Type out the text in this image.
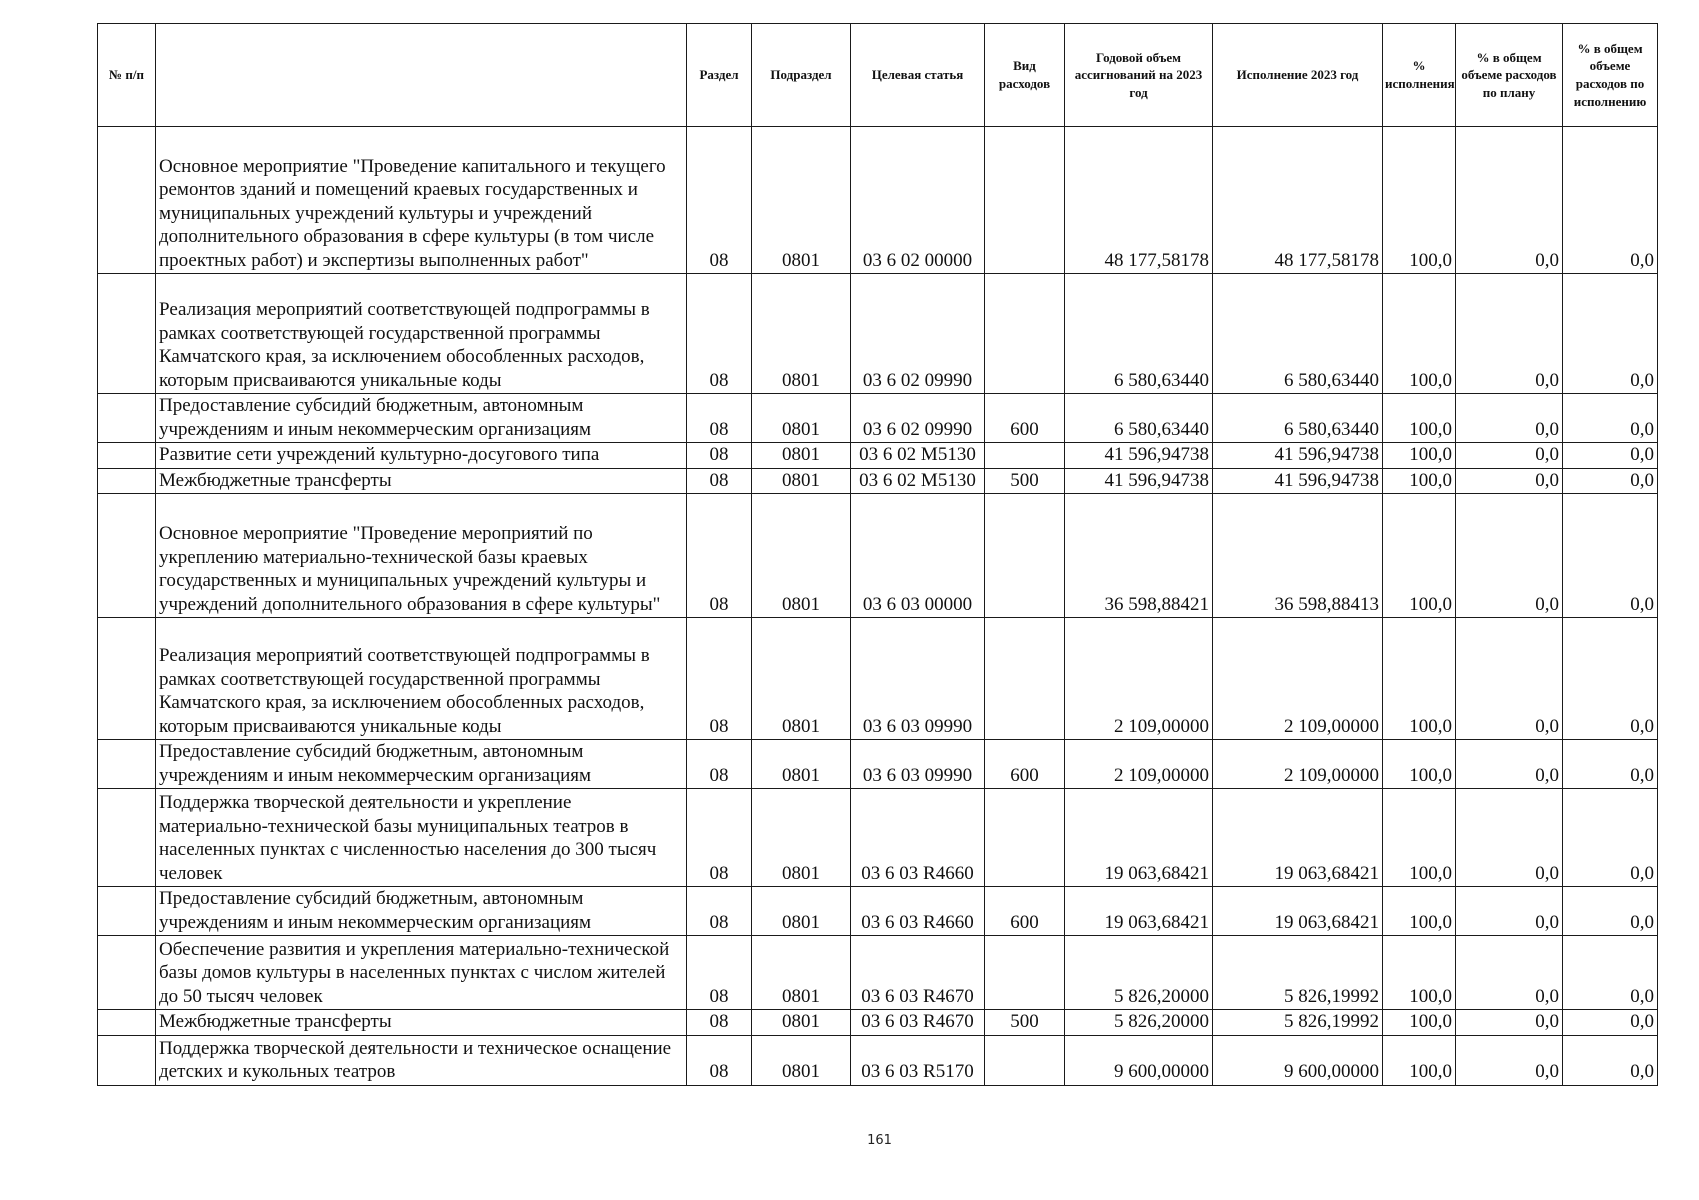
№ п/п		Раздел	Подраздел	Целевая статья	Вид расходов	Годовой объем ассигнований на 2023 год	Исполнение 2023 год	% исполнения	% в общем объеме расходов по плану	% в общем объеме расходов по исполнению
	Основное мероприятие "Проведение капитального и текущего ремонтов зданий и помещений краевых государственных и муниципальных учреждений культуры и учреждений дополнительного образования в сфере культуры (в том числе проектных работ) и экспертизы выполненных работ"	08	0801	03 6 02 00000		48 177,58178	48 177,58178	100,0	0,0	0,0
	Реализация мероприятий соответствующей подпрограммы в рамках соответствующей государственной программы Камчатского края, за исключением обособленных расходов, которым присваиваются уникальные коды	08	0801	03 6 02 09990		6 580,63440	6 580,63440	100,0	0,0	0,0
	Предоставление субсидий бюджетным, автономным учреждениям и иным некоммерческим организациям	08	0801	03 6 02 09990	600	6 580,63440	6 580,63440	100,0	0,0	0,0
	Развитие сети учреждений культурно-досугового типа	08	0801	03 6 02 M5130		41 596,94738	41 596,94738	100,0	0,0	0,0
	Межбюджетные трансферты	08	0801	03 6 02 M5130	500	41 596,94738	41 596,94738	100,0	0,0	0,0
	Основное мероприятие "Проведение мероприятий по укреплению материально-технической базы краевых государственных и муниципальных учреждений культуры и учреждений дополнительного образования в сфере культуры"	08	0801	03 6 03 00000		36 598,88421	36 598,88413	100,0	0,0	0,0
	Реализация мероприятий соответствующей подпрограммы в рамках соответствующей государственной программы Камчатского края, за исключением обособленных расходов, которым присваиваются уникальные коды	08	0801	03 6 03 09990		2 109,00000	2 109,00000	100,0	0,0	0,0
	Предоставление субсидий бюджетным, автономным учреждениям и иным некоммерческим организациям	08	0801	03 6 03 09990	600	2 109,00000	2 109,00000	100,0	0,0	0,0
	Поддержка творческой деятельности и укрепление материально-технической базы муниципальных театров в населенных пунктах с численностью населения до 300 тысяч человек	08	0801	03 6 03 R4660		19 063,68421	19 063,68421	100,0	0,0	0,0
	Предоставление субсидий бюджетным, автономным учреждениям и иным некоммерческим организациям	08	0801	03 6 03 R4660	600	19 063,68421	19 063,68421	100,0	0,0	0,0
	Обеспечение развития и укрепления материально-технической базы домов культуры в населенных пунктах с числом жителей до 50 тысяч человек	08	0801	03 6 03 R4670		5 826,20000	5 826,19992	100,0	0,0	0,0
	Межбюджетные трансферты	08	0801	03 6 03 R4670	500	5 826,20000	5 826,19992	100,0	0,0	0,0
	Поддержка творческой деятельности и техническое оснащение детских и кукольных театров	08	0801	03 6 03 R5170		9 600,00000	9 600,00000	100,0	0,0	0,0
161
